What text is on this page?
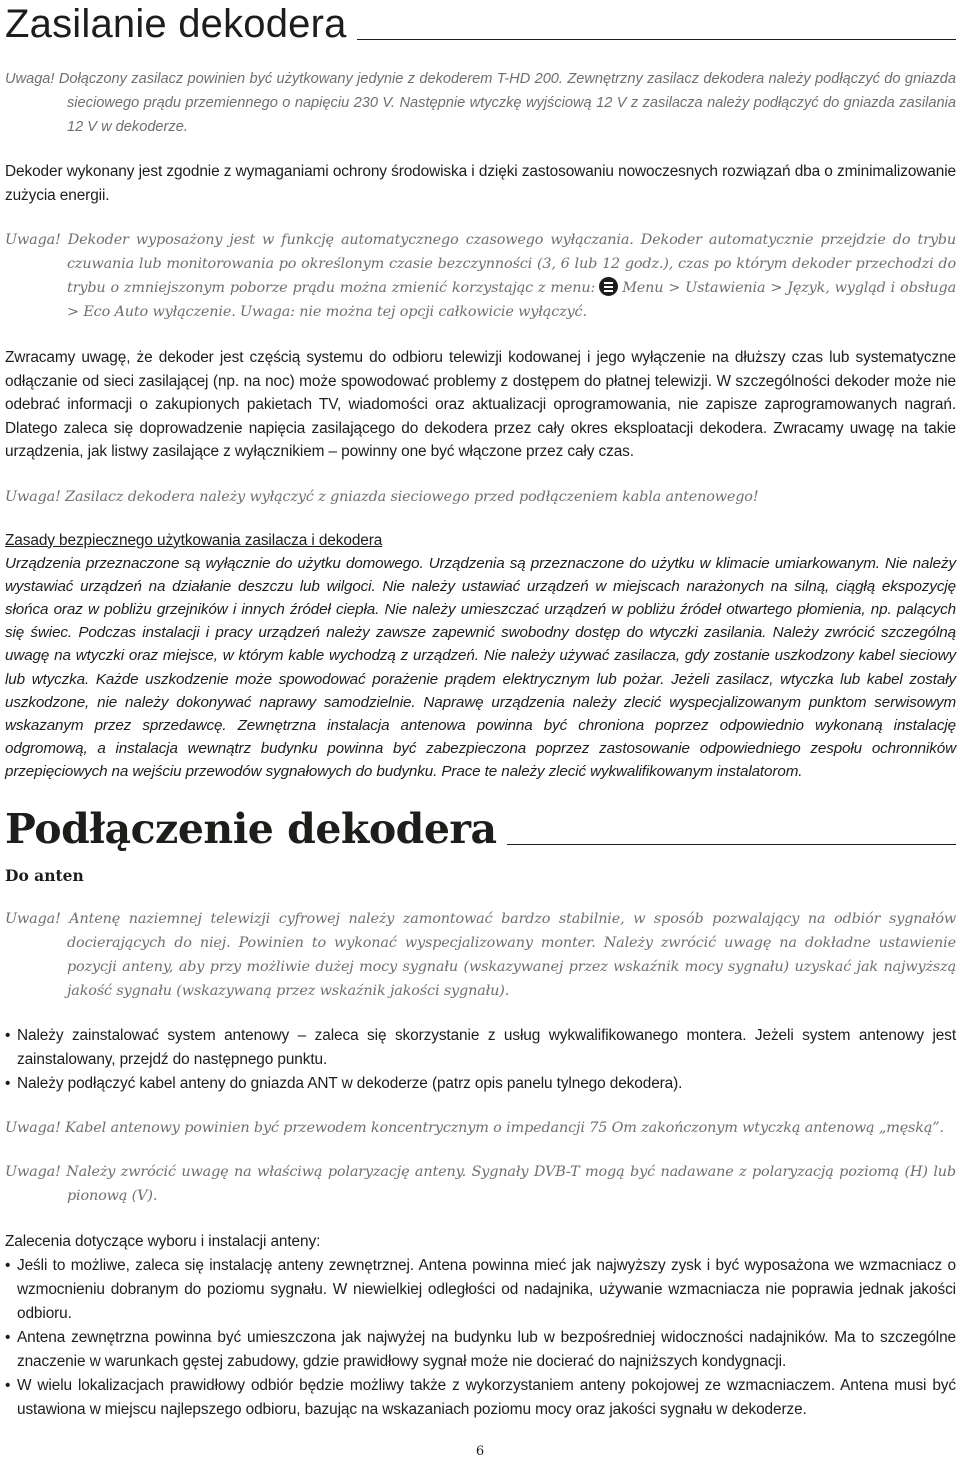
Zasilanie dekodera

Uwaga! Dołączony zasilacz powinien być użytkowany jedynie z dekoderem T-HD 200. Zewnętrzny zasilacz dekodera należy podłączyć do gniazda sieciowego prądu przemiennego o napięciu 230 V. Następnie wtyczkę wyjściową 12 V z zasilacza należy podłączyć do gniazda zasilania 12 V w dekoderze.

Dekoder wykonany jest zgodnie z wymaganiami ochrony środowiska i dzięki zastosowaniu nowoczesnych rozwiązań dba o zminimalizowanie zużycia energii.

Uwaga! Dekoder wyposażony jest w funkcję automatycznego czasowego wyłączania. Dekoder automatycznie przejdzie do trybu czuwania lub monitorowania po określonym czasie bezczynności (3, 6 lub 12 godz.), czas po którym dekoder przechodzi do trybu o zmniejszonym poborze prądu można zmienić korzystając z menu: Menu > Ustawienia > Język, wygląd i obsługa > Eco Auto wyłączenie. Uwaga: nie można tej opcji całkowicie wyłączyć.

Zwracamy uwagę, że dekoder jest częścią systemu do odbioru telewizji kodowanej i jego wyłączenie na dłuższy czas lub systematyczne odłączanie od sieci zasilającej (np. na noc) może spowodować problemy z dostępem do płatnej telewizji. W szczególności dekoder może nie odebrać informacji o zakupionych pakietach TV, wiadomości oraz aktualizacji oprogramowania, nie zapisze zaprogramowanych nagrań. Dlatego zaleca się doprowadzenie napięcia zasilającego do dekodera przez cały okres eksploatacji dekodera. Zwracamy uwagę na takie urządzenia, jak listwy zasilające z wyłącznikiem – powinny one być włączone przez cały czas.

Uwaga! Zasilacz dekodera należy wyłączyć z gniazda sieciowego przed podłączeniem kabla antenowego!

Zasady bezpiecznego użytkowania zasilacza i dekodera

Urządzenia przeznaczone są wyłącznie do użytku domowego. Urządzenia są przeznaczone do użytku w klimacie umiarkowanym. Nie należy wystawiać urządzeń na działanie deszczu lub wilgoci. Nie należy ustawiać urządzeń w miejscach narażonych na silną, ciągłą ekspozycję słońca oraz w pobliżu grzejników i innych źródeł ciepła. Nie należy umieszczać urządzeń w pobliżu źródeł otwartego płomienia, np. palących się świec. Podczas instalacji i pracy urządzeń należy zawsze zapewnić swobodny dostęp do wtyczki zasilania. Należy zwrócić szczególną uwagę na wtyczki oraz miejsce, w którym kable wychodzą z urządzeń. Nie należy używać zasilacza, gdy zostanie uszkodzony kabel sieciowy lub wtyczka. Każde uszkodzenie może spowodować porażenie prądem elektrycznym lub pożar. Jeżeli zasilacz, wtyczka lub kabel zostały uszkodzone, nie należy dokonywać naprawy samodzielnie. Naprawę urządzenia należy zlecić wyspecjalizowanym punktom serwisowym wskazanym przez sprzedawcę. Zewnętrzna instalacja antenowa powinna być chroniona poprzez odpowiednio wykonaną instalację odgromową, a instalacja wewnątrz budynku powinna być zabezpieczona poprzez zastosowanie odpowiedniego zespołu ochronników przepięciowych na wejściu przewodów sygnałowych do budynku. Prace te należy zlecić wykwalifikowanym instalatorom.

Podłączenie dekodera

Do anten

Uwaga! Antenę naziemnej telewizji cyfrowej należy zamontować bardzo stabilnie, w sposób pozwalający na odbiór sygnałów docierających do niej. Powinien to wykonać wyspecjalizowany monter. Należy zwrócić uwagę na dokładne ustawienie pozycji anteny, aby przy możliwie dużej mocy sygnału (wskazywanej przez wskaźnik mocy sygnału) uzyskać jak najwyższą jakość sygnału (wskazywaną przez wskaźnik jakości sygnału).

• Należy zainstalować system antenowy – zaleca się skorzystanie z usług wykwalifikowanego montera. Jeżeli system antenowy jest zainstalowany, przejdź do następnego punktu.
• Należy podłączyć kabel anteny do gniazda ANT w dekoderze (patrz opis panelu tylnego dekodera).

Uwaga! Kabel antenowy powinien być przewodem koncentrycznym o impedancji 75 Om zakończonym wtyczką antenową „męską”.

Uwaga! Należy zwrócić uwagę na właściwą polaryzację anteny. Sygnały DVB-T mogą być nadawane z polaryzacją poziomą (H) lub pionową (V).

Zalecenia dotyczące wyboru i instalacji anteny:

• Jeśli to możliwe, zaleca się instalację anteny zewnętrznej. Antena powinna mieć jak najwyższy zysk i być wyposażona we wzmacniacz o wzmocnieniu dobranym do poziomu sygnału. W niewielkiej odległości od nadajnika, używanie wzmacniacza nie poprawia jednak jakości odbioru.
• Antena zewnętrzna powinna być umieszczona jak najwyżej na budynku lub w bezpośredniej widoczności nadajników. Ma to szczególne znaczenie w warunkach gęstej zabudowy, gdzie prawidłowy sygnał może nie docierać do najniższych kondygnacji.
• W wielu lokalizacjach prawidłowy odbiór będzie możliwy także z wykorzystaniem anteny pokojowej ze wzmacniaczem. Antena musi być ustawiona w miejscu najlepszego odbioru, bazując na wskazaniach poziomu mocy oraz jakości sygnału w dekoderze.
6
